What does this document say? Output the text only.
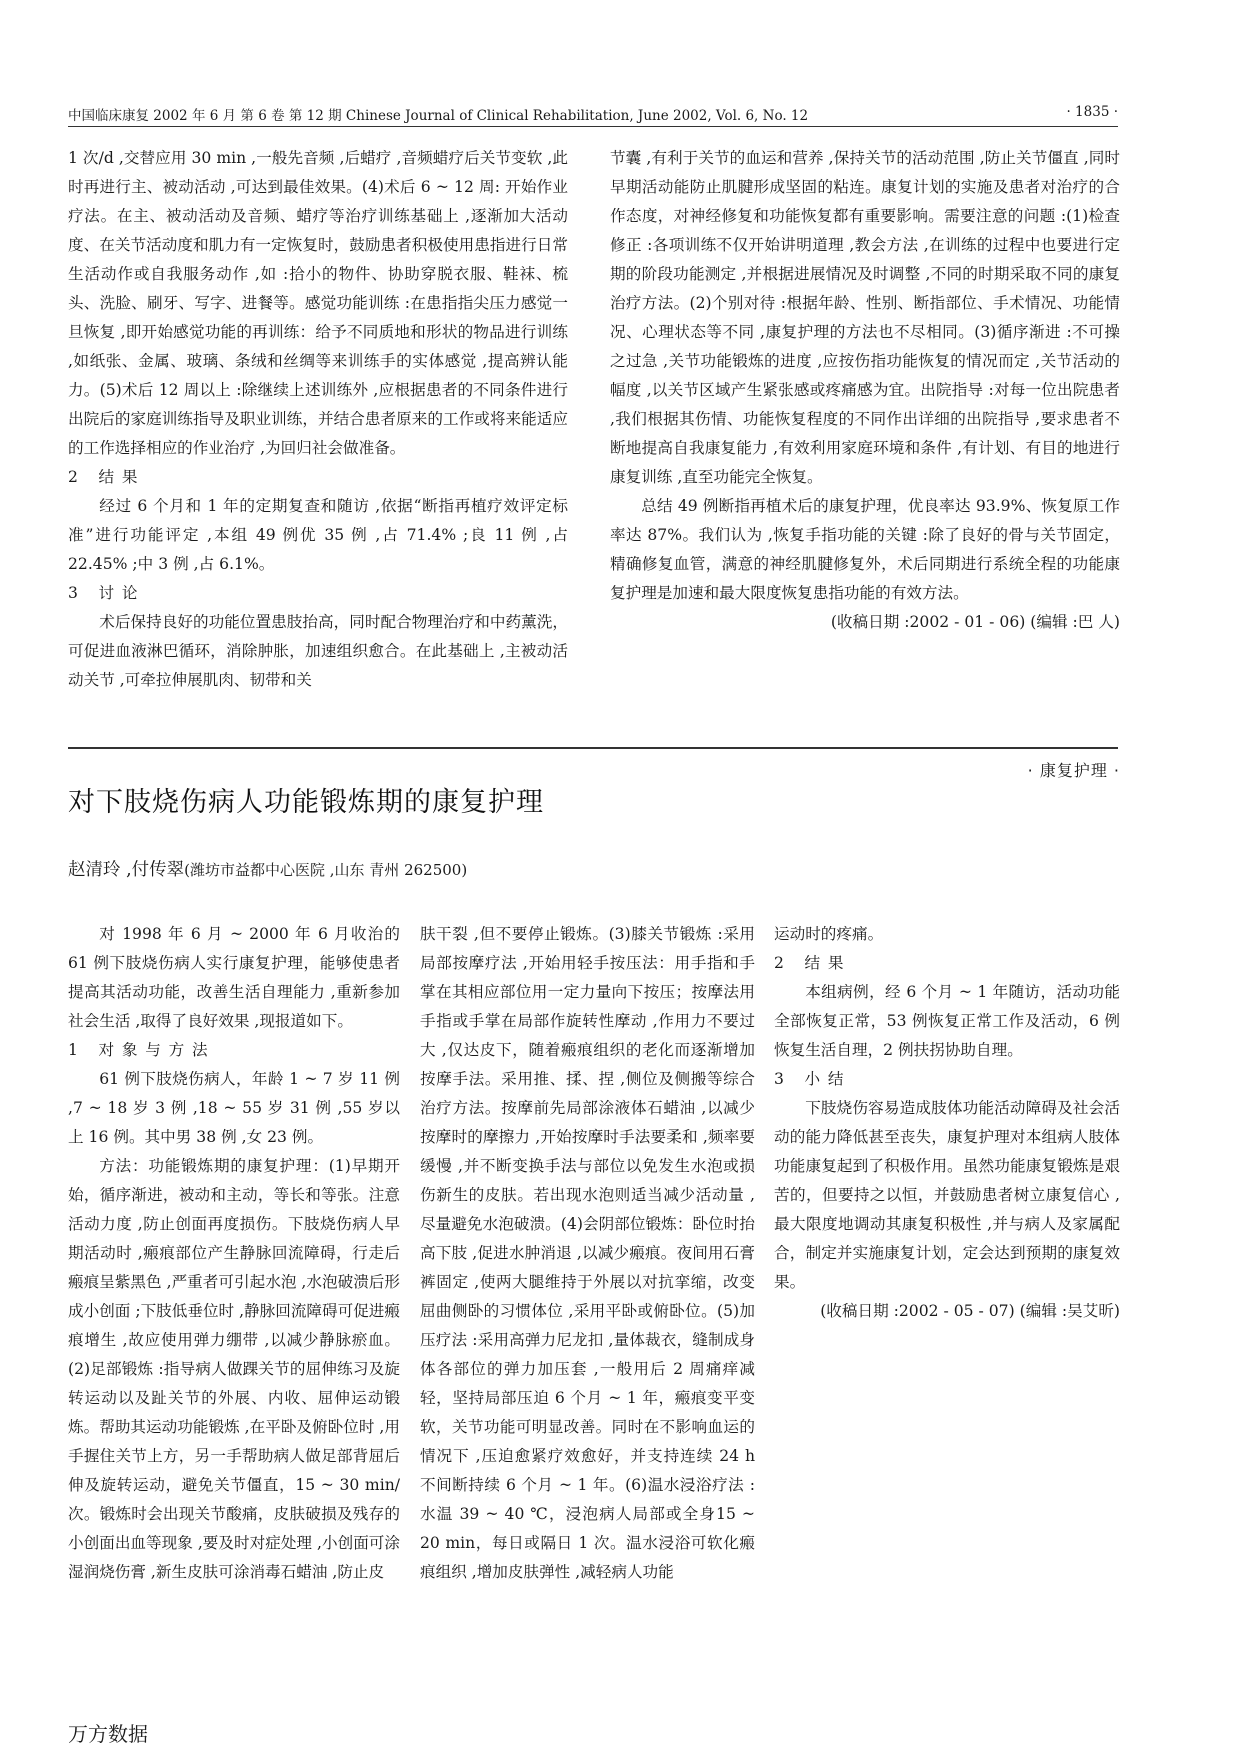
中国临床康复 2002 年 6 月 第 6 卷 第 12 期 Chinese Journal of Clinical Rehabilitation, June 2002, Vol. 6, No. 12	· 1835 ·

1 次/d ,交替应用 30 min ,一般先音频 ,后蜡疗 ,音频蜡疗后关节变软 ,此时再进行主、被动活动 ,可达到最佳效果。(4)术后 6 ~ 12 周: 开始作业疗法。在主、被动活动及音频、蜡疗等治疗训练基础上 ,逐渐加大活动度、在关节活动度和肌力有一定恢复时，鼓励患者积极使用患指进行日常生活动作或自我服务动作 ,如 :拾小的物件、协助穿脱衣服、鞋袜、梳头、洗脸、刷牙、写字、进餐等。感觉功能训练 :在患指指尖压力感觉一旦恢复 ,即开始感觉功能的再训练：给予不同质地和形状的物品进行训练 ,如纸张、金属、玻璃、条绒和丝绸等来训练手的实体感觉 ,提高辨认能力。(5)术后 12 周以上 :除继续上述训练外 ,应根据患者的不同条件进行出院后的家庭训练指导及职业训练，并结合患者原来的工作或将来能适应的工作选择相应的作业治疗 ,为回归社会做准备。

2 结果

经过 6 个月和 1 年的定期复查和随访 ,依据“断指再植疗效评定标准”进行功能评定 ,本组 49 例优 35 例 ,占 71.4% ;良 11 例 ,占 22.45% ;中 3 例 ,占 6.1%。

3 讨论

术后保持良好的功能位置患肢抬高，同时配合物理治疗和中药薰洗，可促进血液淋巴循环，消除肿胀，加速组织愈合。在此基础上 ,主被动活动关节 ,可牵拉伸展肌肉、韧带和关

节囊 ,有利于关节的血运和营养 ,保持关节的活动范围 ,防止关节僵直 ,同时早期活动能防止肌腱形成坚固的粘连。康复计划的实施及患者对治疗的合作态度，对神经修复和功能恢复都有重要影响。需要注意的问题 :(1)检查修正 :各项训练不仅开始讲明道理 ,教会方法 ,在训练的过程中也要进行定期的阶段功能测定 ,并根据进展情况及时调整 ,不同的时期采取不同的康复治疗方法。(2)个别对待 :根据年龄、性别、断指部位、手术情况、功能情况、心理状态等不同 ,康复护理的方法也不尽相同。(3)循序渐进 :不可操之过急 ,关节功能锻炼的进度 ,应按伤指功能恢复的情况而定 ,关节活动的幅度 ,以关节区域产生紧张感或疼痛感为宜。出院指导 :对每一位出院患者 ,我们根据其伤情、功能恢复程度的不同作出详细的出院指导 ,要求患者不断地提高自我康复能力 ,有效利用家庭环境和条件 ,有计划、有目的地进行康复训练 ,直至功能完全恢复。

总结 49 例断指再植术后的康复护理，优良率达 93.9%、恢复原工作率达 87%。我们认为 ,恢复手指功能的关键 :除了良好的骨与关节固定，精确修复血管，满意的神经肌腱修复外，术后同期进行系统全程的功能康复护理是加速和最大限度恢复患指功能的有效方法。

(收稿日期 :2002 - 01 - 06) (编辑 :巴 人)

· 康复护理 ·
对下肢烧伤病人功能锻炼期的康复护理
赵清玲 ,付传翠(潍坊市益都中心医院 ,山东 青州 262500)

对 1998 年 6 月 ~ 2000 年 6 月收治的 61 例下肢烧伤病人实行康复护理，能够使患者提高其活动功能，改善生活自理能力 ,重新参加社会生活 ,取得了良好效果 ,现报道如下。

1 对象与方法

61 例下肢烧伤病人，年龄 1 ~ 7 岁 11 例 ,7 ~ 18 岁 3 例 ,18 ~ 55 岁 31 例 ,55 岁以上 16 例。其中男 38 例 ,女 23 例。

方法：功能锻炼期的康复护理：(1)早期开始，循序渐进，被动和主动，等长和等张。注意活动力度 ,防止创面再度损伤。下肢烧伤病人早期活动时 ,瘢痕部位产生静脉回流障碍，行走后瘢痕呈紫黑色 ,严重者可引起水泡 ,水泡破溃后形成小创面 ;下肢低垂位时 ,静脉回流障碍可促进瘢痕增生 ,故应使用弹力绷带 ,以减少静脉瘀血。(2)足部锻炼 :指导病人做踝关节的屈伸练习及旋转运动以及趾关节的外展、内收、屈伸运动锻炼。帮助其运动功能锻炼 ,在平卧及俯卧位时 ,用手握住关节上方，另一手帮助病人做足部背屈后伸及旋转运动，避免关节僵直，15 ~ 30 min/次。锻炼时会出现关节酸痛，皮肤破损及残存的小创面出血等现象 ,要及时对症处理 ,小创面可涂湿润烧伤膏 ,新生皮肤可涂消毒石蜡油 ,防止皮

肤干裂 ,但不要停止锻炼。(3)膝关节锻炼 :采用局部按摩疗法 ,开始用轻手按压法：用手指和手掌在其相应部位用一定力量向下按压；按摩法用手指或手掌在局部作旋转性摩动 ,作用力不要过大 ,仅达皮下，随着瘢痕组织的老化而逐渐增加按摩手法。采用推、揉、捏 ,侧位及侧搬等综合治疗方法。按摩前先局部涂液体石蜡油 ,以减少按摩时的摩擦力 ,开始按摩时手法要柔和 ,频率要缓慢 ,并不断变换手法与部位以免发生水泡或损伤新生的皮肤。若出现水泡则适当减少活动量 ,尽量避免水泡破溃。(4)会阴部位锻炼：卧位时抬高下肢 ,促进水肿消退 ,以减少瘢痕。夜间用石膏裤固定 ,使两大腿维持于外展以对抗挛缩，改变屈曲侧卧的习惯体位 ,采用平卧或俯卧位。(5)加压疗法 :采用高弹力尼龙扣 ,量体裁衣，缝制成身体各部位的弹力加压套 ,一般用后 2 周痛痒减轻，坚持局部压迫 6 个月 ~ 1 年，瘢痕变平变软，关节功能可明显改善。同时在不影响血运的情况下 ,压迫愈紧疗效愈好，并支持连续 24 h 不间断持续 6 个月 ~ 1 年。(6)温水浸浴疗法 :水温 39 ~ 40 ℃，浸泡病人局部或全身15 ~ 20 min，每日或隔日 1 次。温水浸浴可软化瘢痕组织 ,增加皮肤弹性 ,减轻病人功能

运动时的疼痛。

2 结果

本组病例，经 6 个月 ~ 1 年随访，活动功能全部恢复正常，53 例恢复正常工作及活动，6 例恢复生活自理，2 例扶拐协助自理。

3 小结

下肢烧伤容易造成肢体功能活动障碍及社会活动的能力降低甚至丧失，康复护理对本组病人肢体功能康复起到了积极作用。虽然功能康复锻炼是艰苦的，但要持之以恒，并鼓励患者树立康复信心 ,最大限度地调动其康复积极性 ,并与病人及家属配合，制定并实施康复计划，定会达到预期的康复效果。

(收稿日期 :2002 - 05 - 07) (编辑 :吴艾昕)

万方数据
